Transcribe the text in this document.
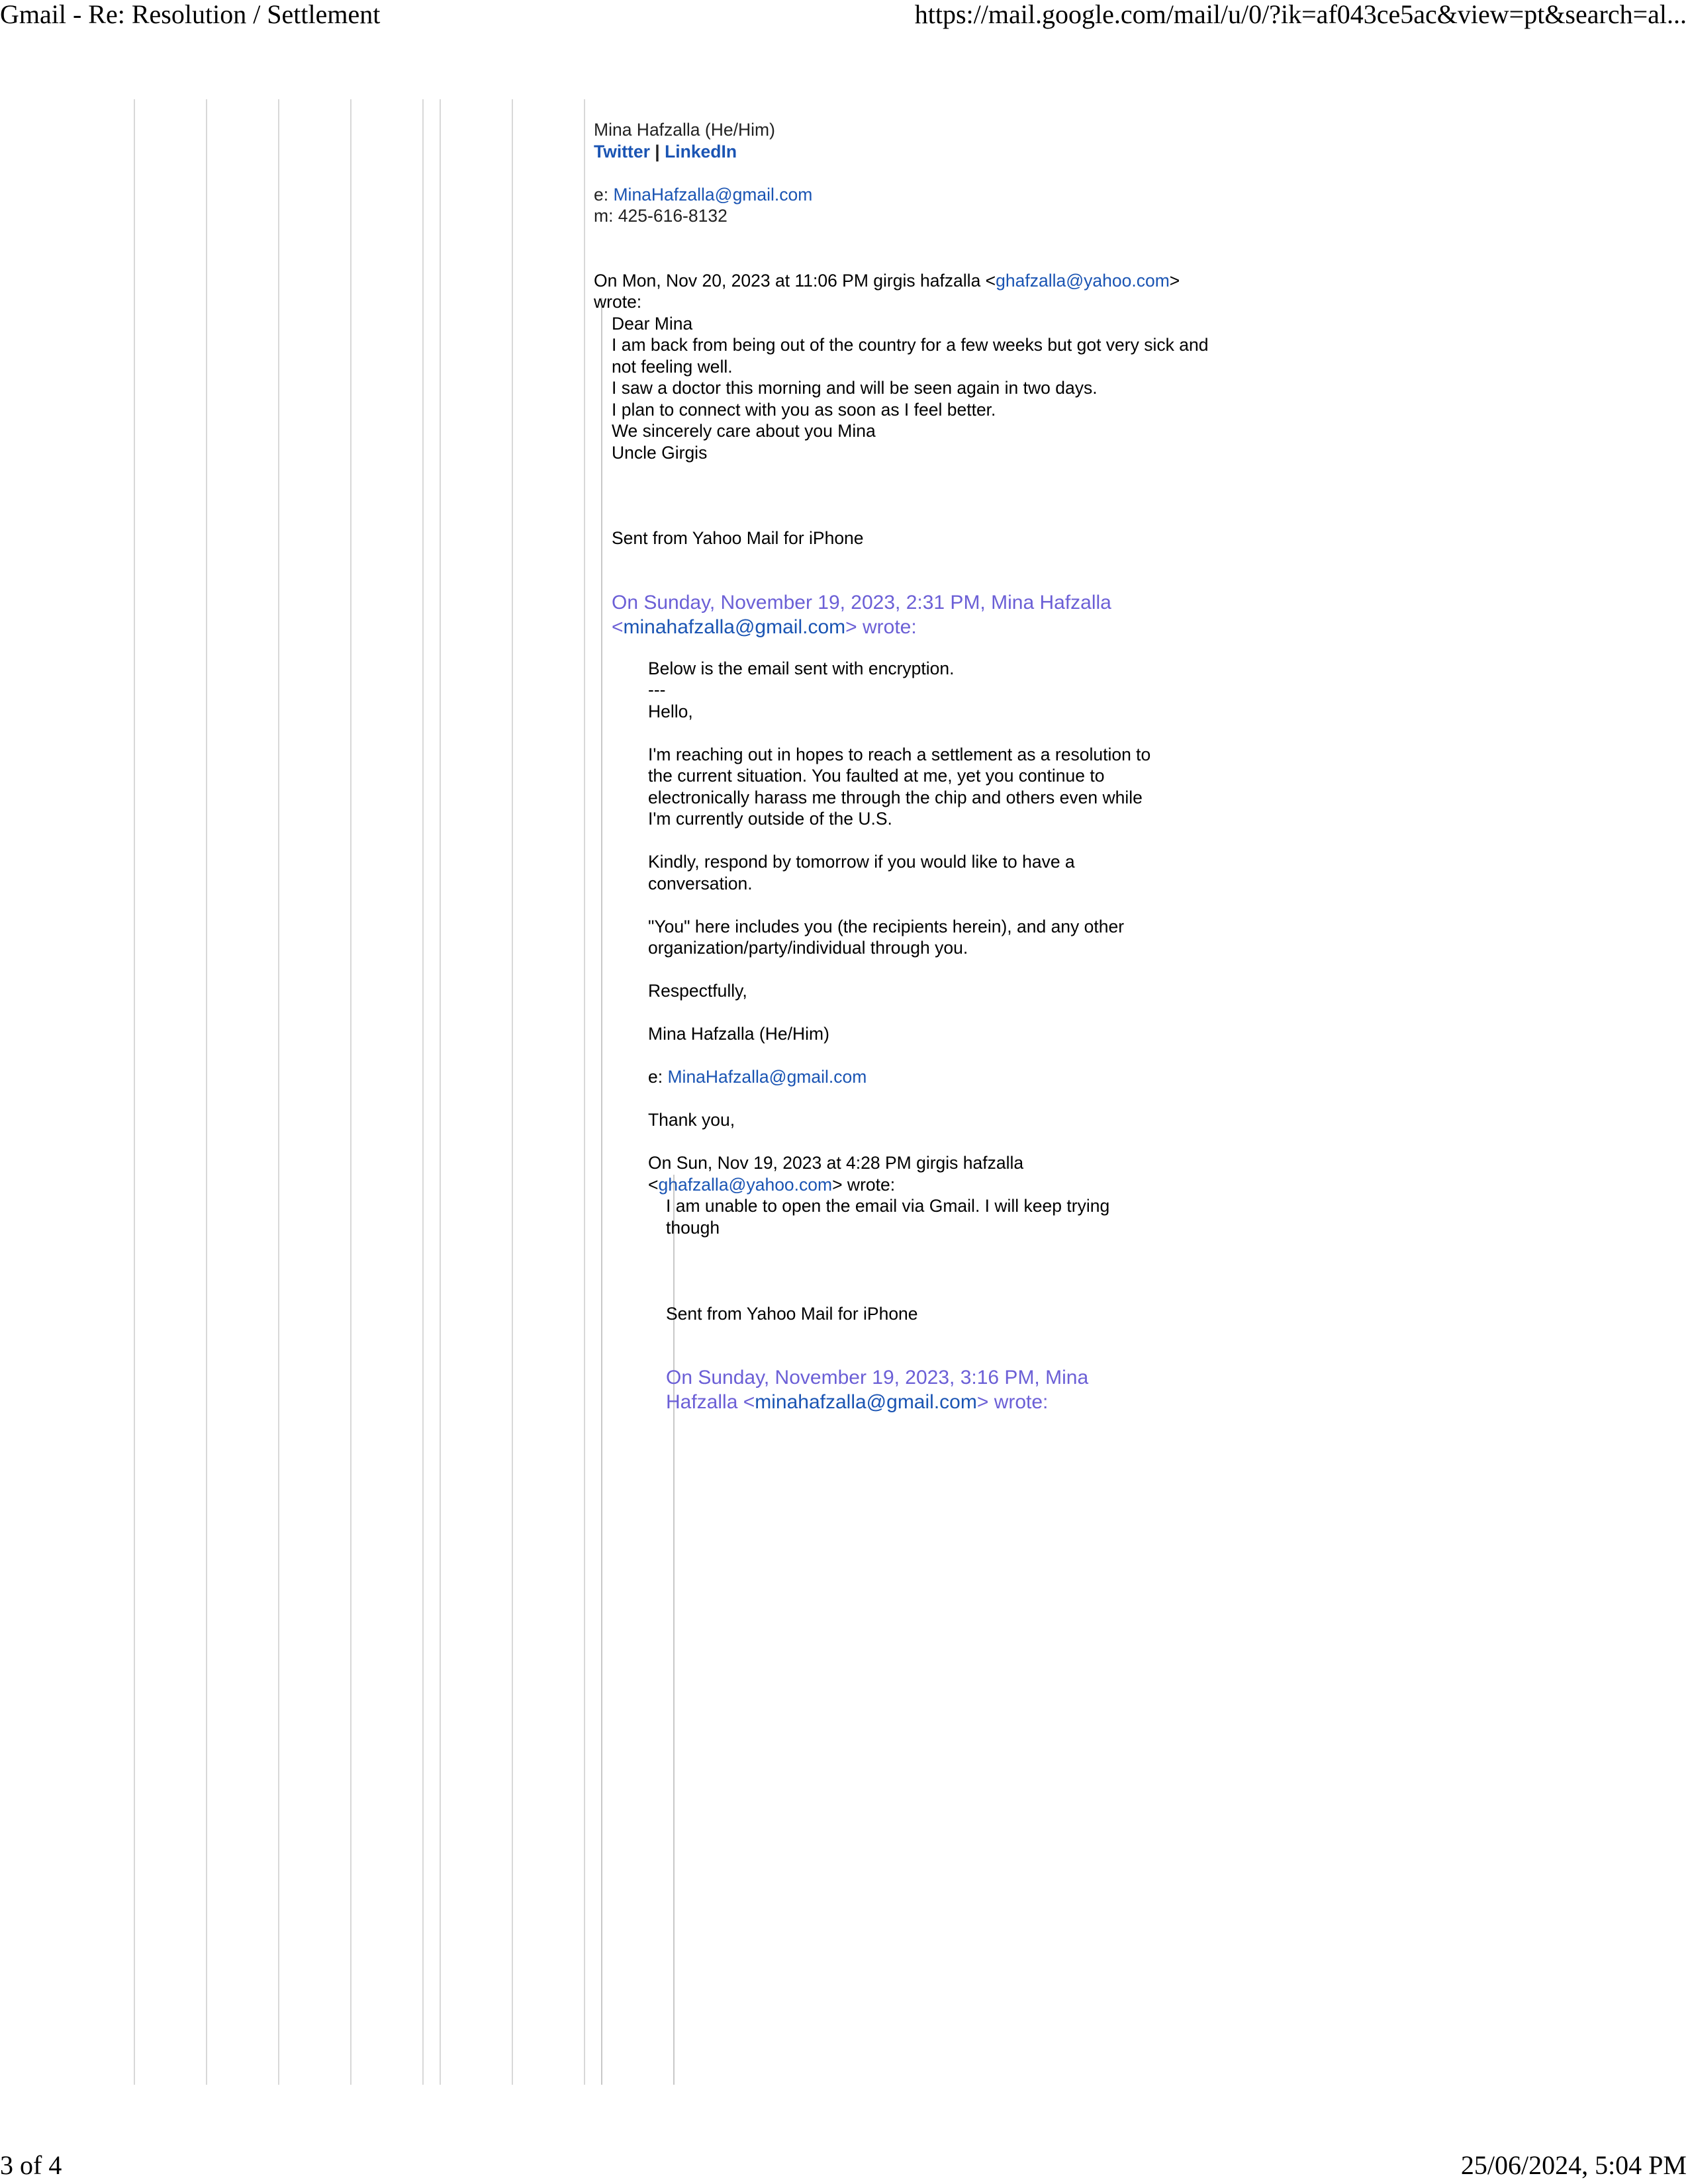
Gmail - Re: Resolution / Settlement	https://mail.google.com/mail/u/0/?ik=af043ce5ac&view=pt&search=al...
3 of 4	25/06/2024, 5:04 PM
Mina Hafzalla (He/Him)
Twitter | LinkedIn
e: MinaHafzalla@gmail.com
m: 425-616-8132
On Mon, Nov 20, 2023 at 11:06 PM girgis hafzalla <ghafzalla@yahoo.com>
wrote:
Dear Mina
I am back from being out of the country for a few weeks but got very sick and
not feeling well.
I saw a doctor this morning and will be seen again in two days.
I plan to connect with you as soon as I feel better.
We sincerely care about you Mina
Uncle Girgis
Sent from Yahoo Mail for iPhone
On Sunday, November 19, 2023, 2:31 PM, Mina Hafzalla
<minahafzalla@gmail.com> wrote:
Below is the email sent with encryption.
---
Hello,
I'm reaching out in hopes to reach a settlement as a resolution to
the current situation. You faulted at me, yet you continue to
electronically harass me through the chip and others even while
I'm currently outside of the U.S.
Kindly, respond by tomorrow if you would like to have a
conversation.
"You" here includes you (the recipients herein), and any other
organization/party/individual through you.
Respectfully,
Mina Hafzalla (He/Him)
e: MinaHafzalla@gmail.com
Thank you,
On Sun, Nov 19, 2023 at 4:28 PM girgis hafzalla
<ghafzalla@yahoo.com> wrote:
I am unable to open the email via Gmail. I will keep trying
though
Sent from Yahoo Mail for iPhone
On Sunday, November 19, 2023, 3:16 PM, Mina
Hafzalla <minahafzalla@gmail.com> wrote:
